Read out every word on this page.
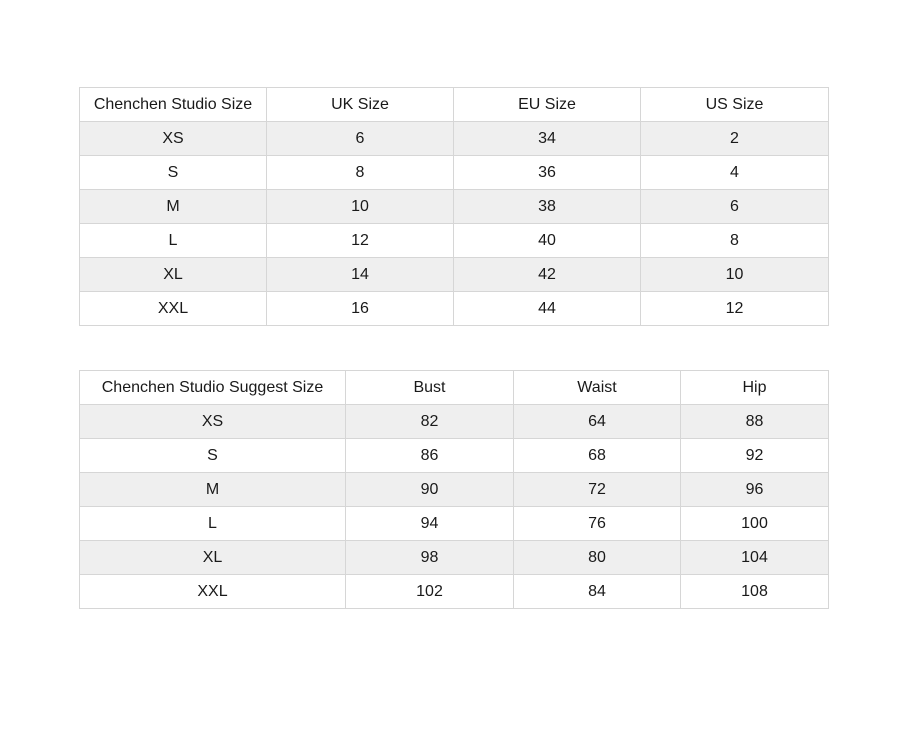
Chenchen Studio Size	UK Size	EU Size	US Size
XS	6	34	2
S	8	36	4
M	10	38	6
L	12	40	8
XL	14	42	10
XXL	16	44	12
Chenchen Studio Suggest Size	Bust	Waist	Hip
XS	82	64	88
S	86	68	92
M	90	72	96
L	94	76	100
XL	98	80	104
XXL	102	84	108
